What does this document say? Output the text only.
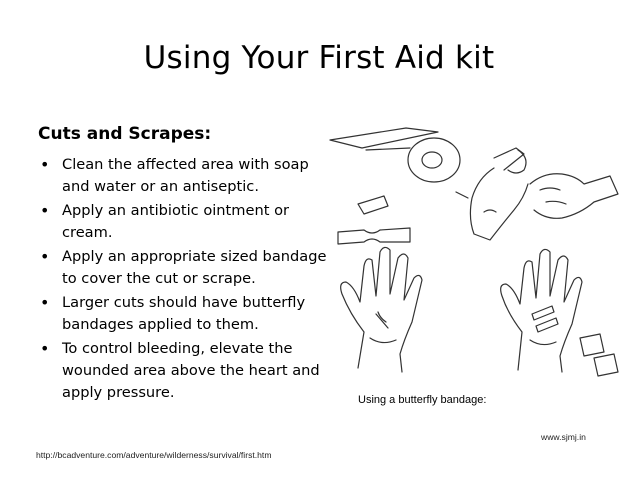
Using Your First Aid kit
Cuts and Scrapes:
• Clean the affected area with soap and water or an antiseptic.
• Apply an antibiotic ointment or cream.
• Apply an appropriate sized bandage to cover the cut or scrape.
• Larger cuts should have butterfly bandages applied to them.
• To control bleeding, elevate the wounded area above the heart and apply pressure.	Using a butterfly bandage:
www.sjmj.in
http://bcadventure.com/adventure/wilderness/survival/first.htm
